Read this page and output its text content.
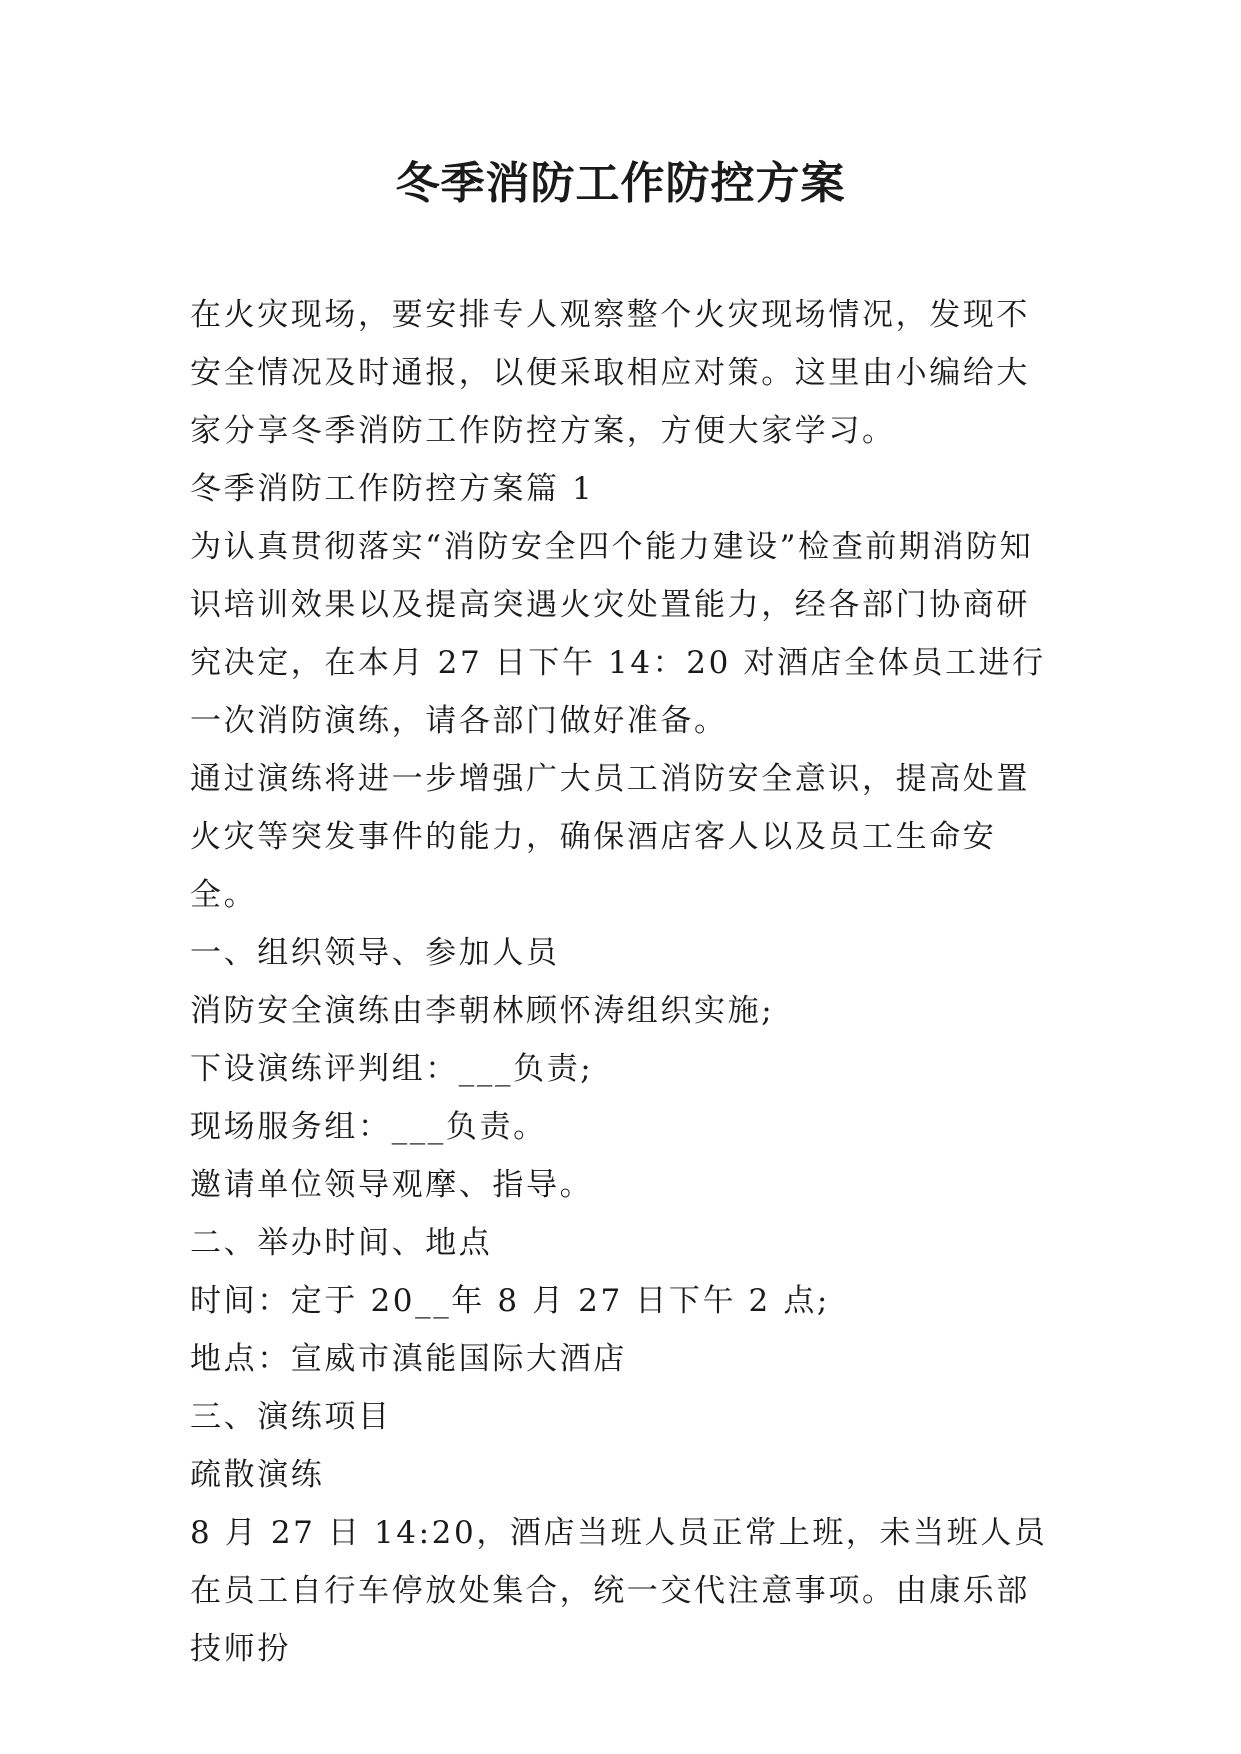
冬季消防工作防控方案

在火灾现场，要安排专人观察整个火灾现场情况，发现不安全情况及时通报，以便采取相应对策。这里由小编给大家分享冬季消防工作防控方案，方便大家学习。

冬季消防工作防控方案篇 1

为认真贯彻落实“消防安全四个能力建设”检查前期消防知识培训效果以及提高突遇火灾处置能力，经各部门协商研究决定，在本月 27 日下午 14：20 对酒店全体员工进行一次消防演练，请各部门做好准备。

通过演练将进一步增强广大员工消防安全意识，提高处置火灾等突发事件的能力，确保酒店客人以及员工生命安全。

一、组织领导、参加人员

消防安全演练由李朝林顾怀涛组织实施;

下设演练评判组：___负责;

现场服务组：___负责。

邀请单位领导观摩、指导。

二、举办时间、地点

时间：定于 20__年 8 月 27 日下午 2 点;

地点：宣威市滇能国际大酒店

三、演练项目

疏散演练

8 月 27 日 14:20，酒店当班人员正常上班，未当班人员在员工自行车停放处集合，统一交代注意事项。由康乐部技师扮
